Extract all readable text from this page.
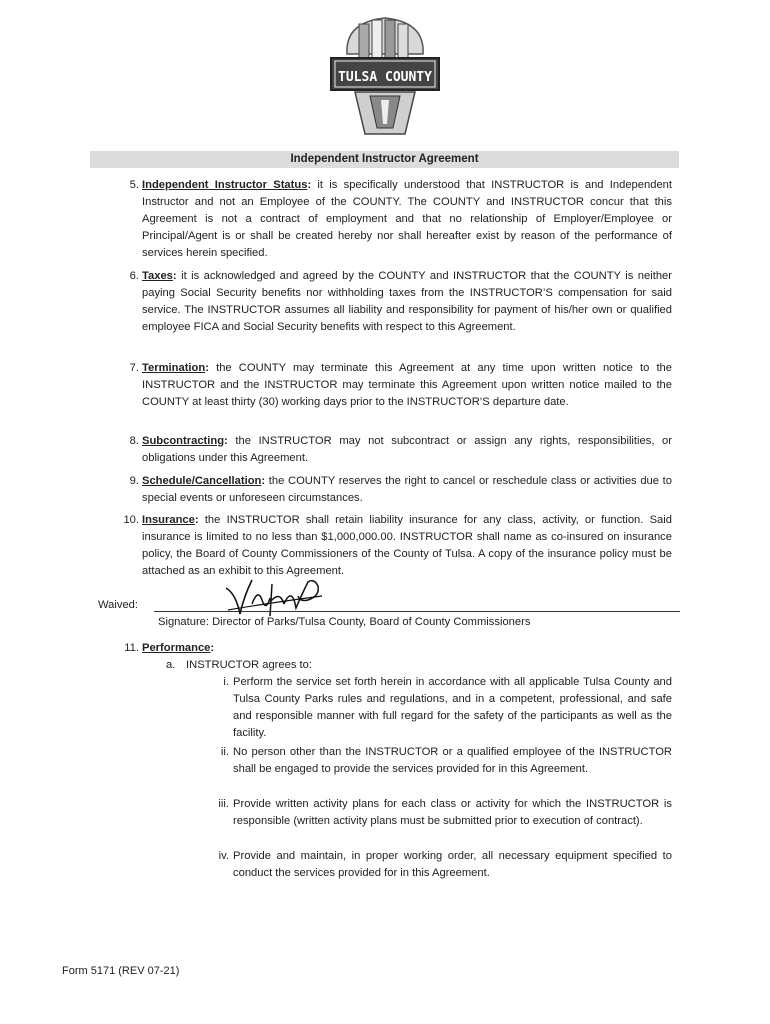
TULSA COUNTY
Independent Instructor Agreement
5. Independent Instructor Status: it is specifically understood that INSTRUCTOR is and Independent Instructor and not an Employee of the COUNTY. The COUNTY and INSTRUCTOR concur that this Agreement is not a contract of employment and that no relationship of Employer/Employee or Principal/Agent is or shall be created hereby nor shall hereafter exist by reason of the performance of services herein specified.
6. Taxes: it is acknowledged and agreed by the COUNTY and INSTRUCTOR that the COUNTY is neither paying Social Security benefits nor withholding taxes from the INSTRUCTOR’S compensation for said service. The INSTRUCTOR assumes all liability and responsibility for payment of his/her own or qualified employee FICA and Social Security benefits with respect to this Agreement.
7. Termination: the COUNTY may terminate this Agreement at any time upon written notice to the INSTRUCTOR and the INSTRUCTOR may terminate this Agreement upon written notice mailed to the COUNTY at least thirty (30) working days prior to the INSTRUCTOR’S departure date.
8. Subcontracting: the INSTRUCTOR may not subcontract or assign any rights, responsibilities, or obligations under this Agreement.
9. Schedule/Cancellation: the COUNTY reserves the right to cancel or reschedule class or activities due to special events or unforeseen circumstances.
10. Insurance: the INSTRUCTOR shall retain liability insurance for any class, activity, or function. Said insurance is limited to no less than $1,000,000.00. INSTRUCTOR shall name as co-insured on insurance policy, the Board of County Commissioners of the County of Tulsa. A copy of the insurance policy must be attached as an exhibit to this Agreement.
Waived:
Signature: Director of Parks/Tulsa County, Board of County Commissioners
11. Performance:
a. INSTRUCTOR agrees to:
i. Perform the service set forth herein in accordance with all applicable Tulsa County and Tulsa County Parks rules and regulations, and in a competent, professional, and safe and responsible manner with full regard for the safety of the participants as well as the facility.
ii. No person other than the INSTRUCTOR or a qualified employee of the INSTRUCTOR shall be engaged to provide the services provided for in this Agreement.
iii. Provide written activity plans for each class or activity for which the INSTRUCTOR is responsible (written activity plans must be submitted prior to execution of contract).
iv. Provide and maintain, in proper working order, all necessary equipment specified to conduct the services provided for in this Agreement.
Form 5171 (REV 07-21)
